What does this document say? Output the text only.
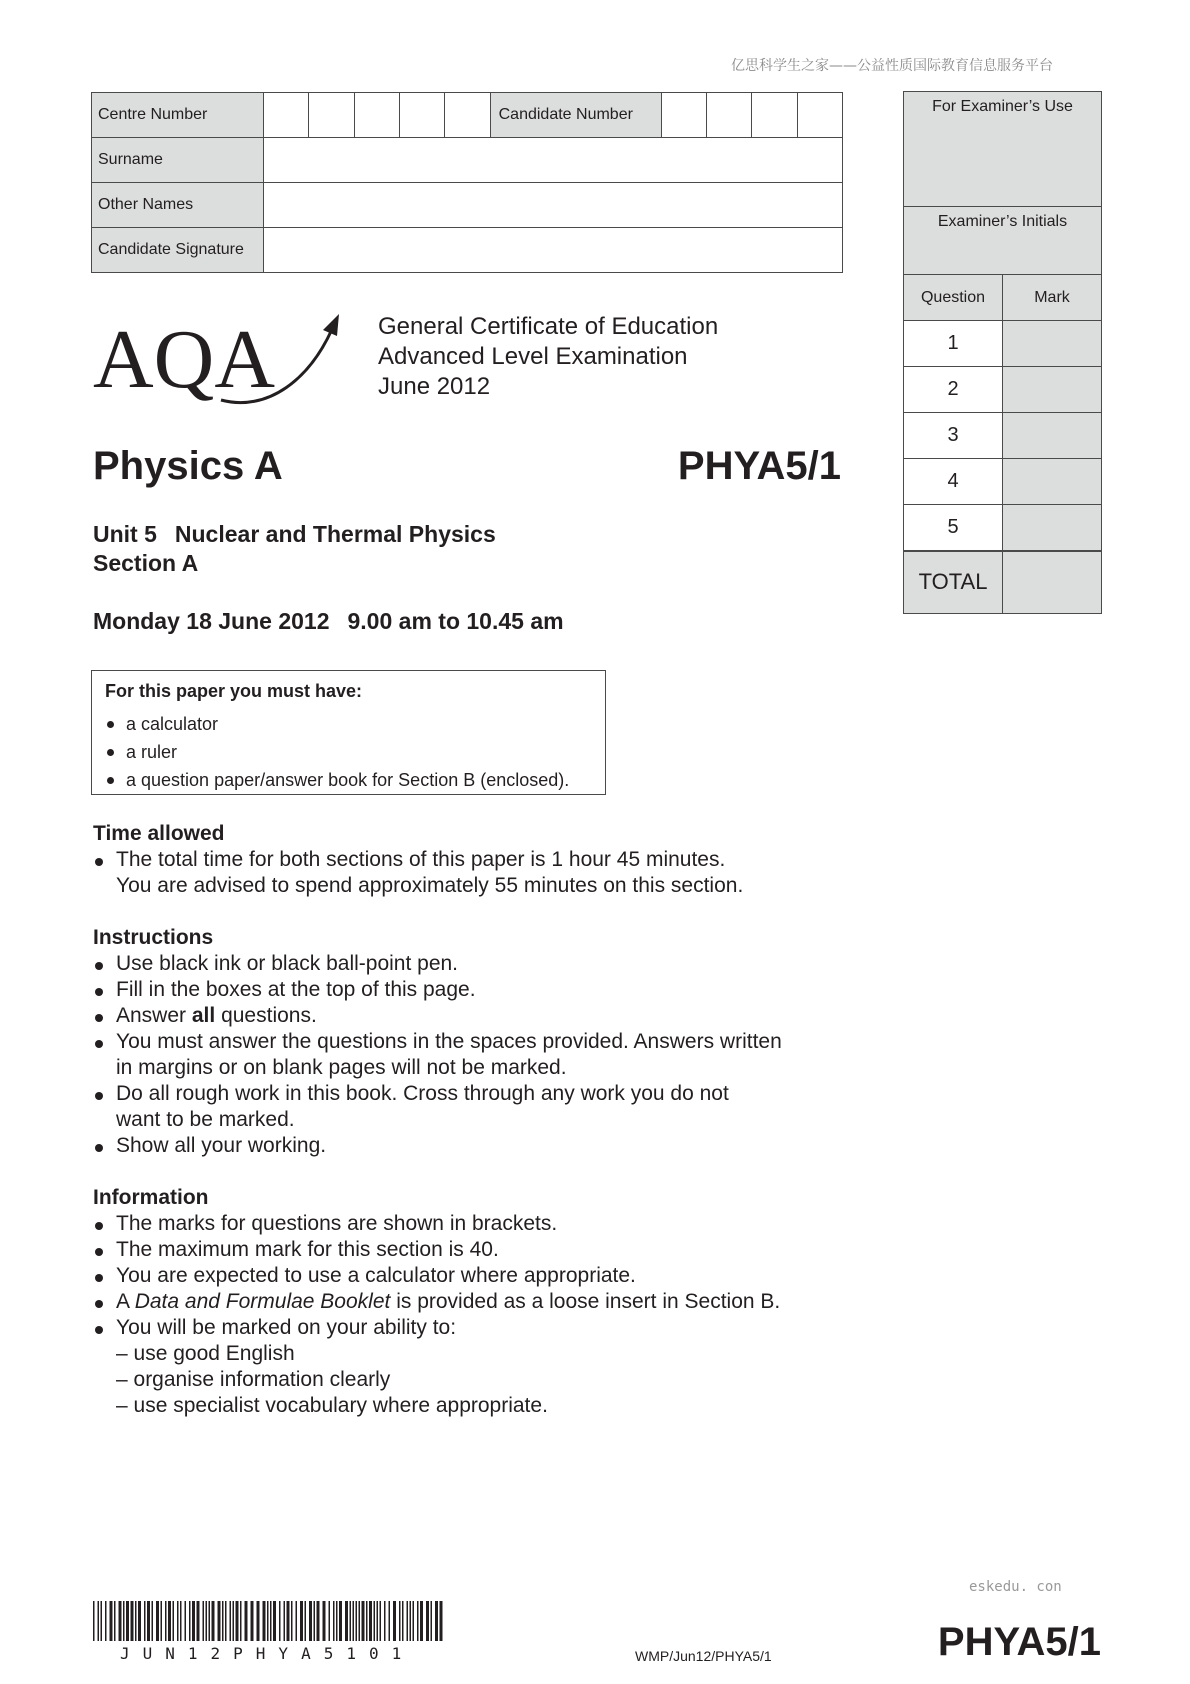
亿思科学生之家——公益性质国际教育信息服务平台
Centre Number						Candidate Number				
Surname										
Other Names										
Candidate Signature										
For Examiner’s Use	
Examiner’s Initials	
Question	Mark
1	
2	
3	
4	
5	
TOTAL	
AQA	General Certificate of Education
Advanced Level Examination
June 2012
Physics A	PHYA5/1
Unit 5 Nuclear and Thermal Physics
Section A
Monday 18 June 2012 9.00 am to 10.45 am
For this paper you must have:
a calculator
a ruler
a question paper/answer book for Section B (enclosed).
Time allowed
The total time for both sections of this paper is 1 hour 45 minutes.
You are advised to spend approximately 55 minutes on this section.
Instructions
Use black ink or black ball-point pen.
Fill in the boxes at the top of this page.
Answer all questions.
You must answer the questions in the spaces provided. Answers written
in margins or on blank pages will not be marked.
Do all rough work in this book. Cross through any work you do not
want to be marked.
Show all your working.
Information
The marks for questions are shown in brackets.
The maximum mark for this section is 40.
You are expected to use a calculator where appropriate.
A Data and Formulae Booklet is provided as a loose insert in Section B.
You will be marked on your ability to:
– use good English
– organise information clearly
– use specialist vocabulary where appropriate.
eskedu. con
JUN12PHYA5101	WMP/Jun12/PHYA5/1	PHYA5/1
